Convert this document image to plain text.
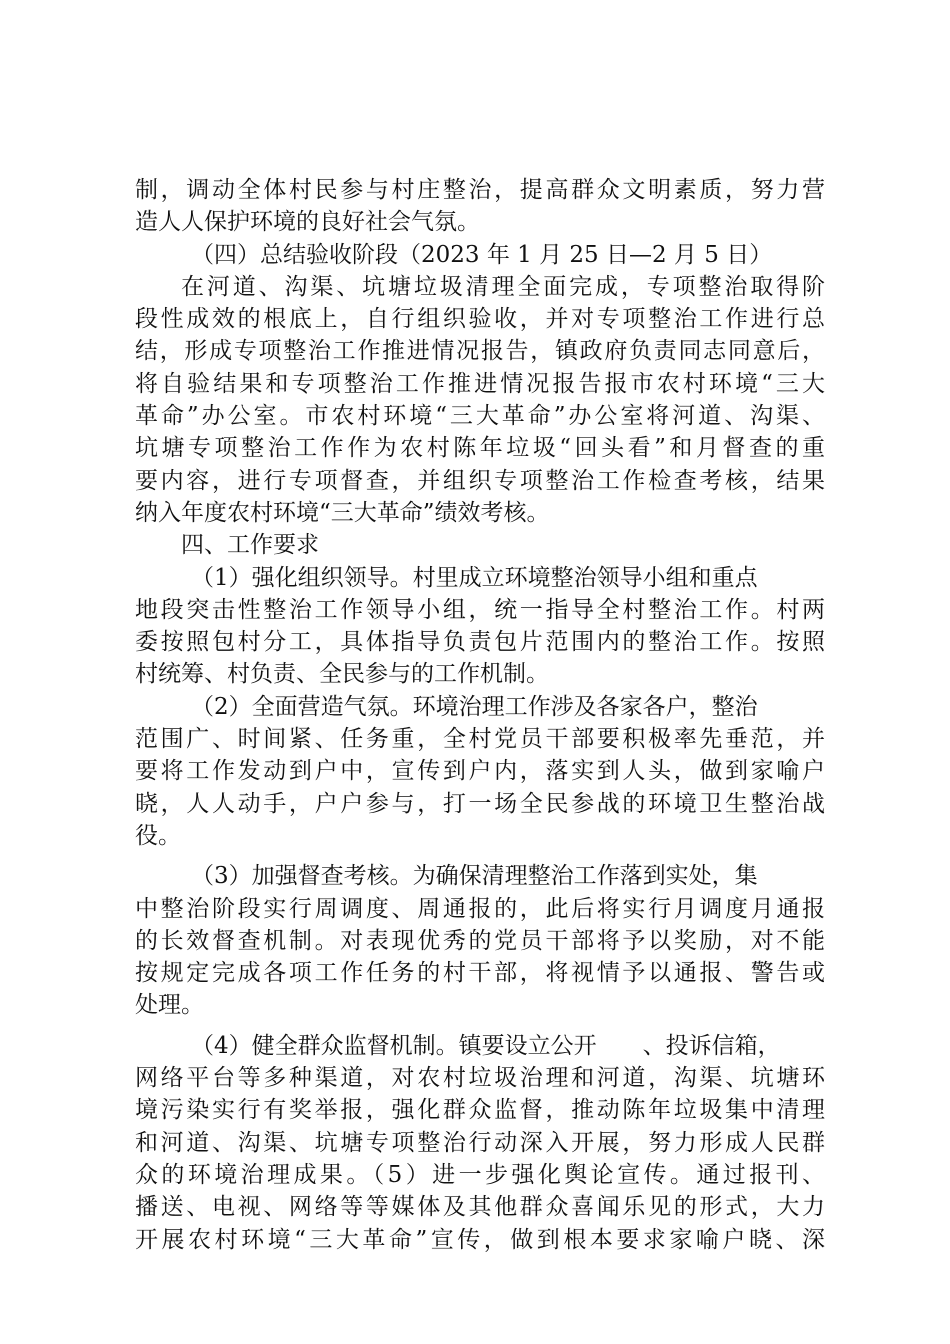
制，调动全体村民参与村庄整治，提高群众文明素质，努力营
造人人保护环境的良好社会气氛。
（四）总结验收阶段（2023 年 1 月 25 日—2 月 5 日）
在河道、沟渠、坑塘垃圾清理全面完成，专项整治取得阶
段性成效的根底上，自行组织验收，并对专项整治工作进行总
结，形成专项整治工作推进情况报告，镇政府负责同志同意后，
将自验结果和专项整治工作推进情况报告报市农村环境“三大
革命”办公室。市农村环境“三大革命”办公室将河道、沟渠、
坑塘专项整治工作作为农村陈年垃圾“回头看”和月督查的重
要内容，进行专项督查，并组织专项整治工作检查考核，结果
纳入年度农村环境“三大革命”绩效考核。
四、工作要求
（1）强化组织领导。村里成立环境整治领导小组和重点
地段突击性整治工作领导小组，统一指导全村整治工作。村两
委按照包村分工，具体指导负责包片范围内的整治工作。按照
村统筹、村负责、全民参与的工作机制。
（2）全面营造气氛。环境治理工作涉及各家各户，整治
范围广、时间紧、任务重，全村党员干部要积极率先垂范，并
要将工作发动到户中，宣传到户内，落实到人头，做到家喻户
晓，人人动手，户户参与，打一场全民参战的环境卫生整治战
役。
（3）加强督查考核。为确保清理整治工作落到实处，集
中整治阶段实行周调度、周通报的，此后将实行月调度月通报
的长效督查机制。对表现优秀的党员干部将予以奖励，对不能
按规定完成各项工作任务的村干部，将视情予以通报、警告或
处理。
（4）健全群众监督机制。镇要设立公开　　、投诉信箱，
网络平台等多种渠道，对农村垃圾治理和河道，沟渠、坑塘环
境污染实行有奖举报，强化群众监督，推动陈年垃圾集中清理
和河道、沟渠、坑塘专项整治行动深入开展，努力形成人民群
众的环境治理成果。（5）进一步强化舆论宣传。通过报刊、
播送、电视、网络等等媒体及其他群众喜闻乐见的形式，大力
开展农村环境“三大革命”宣传，做到根本要求家喻户晓、深
